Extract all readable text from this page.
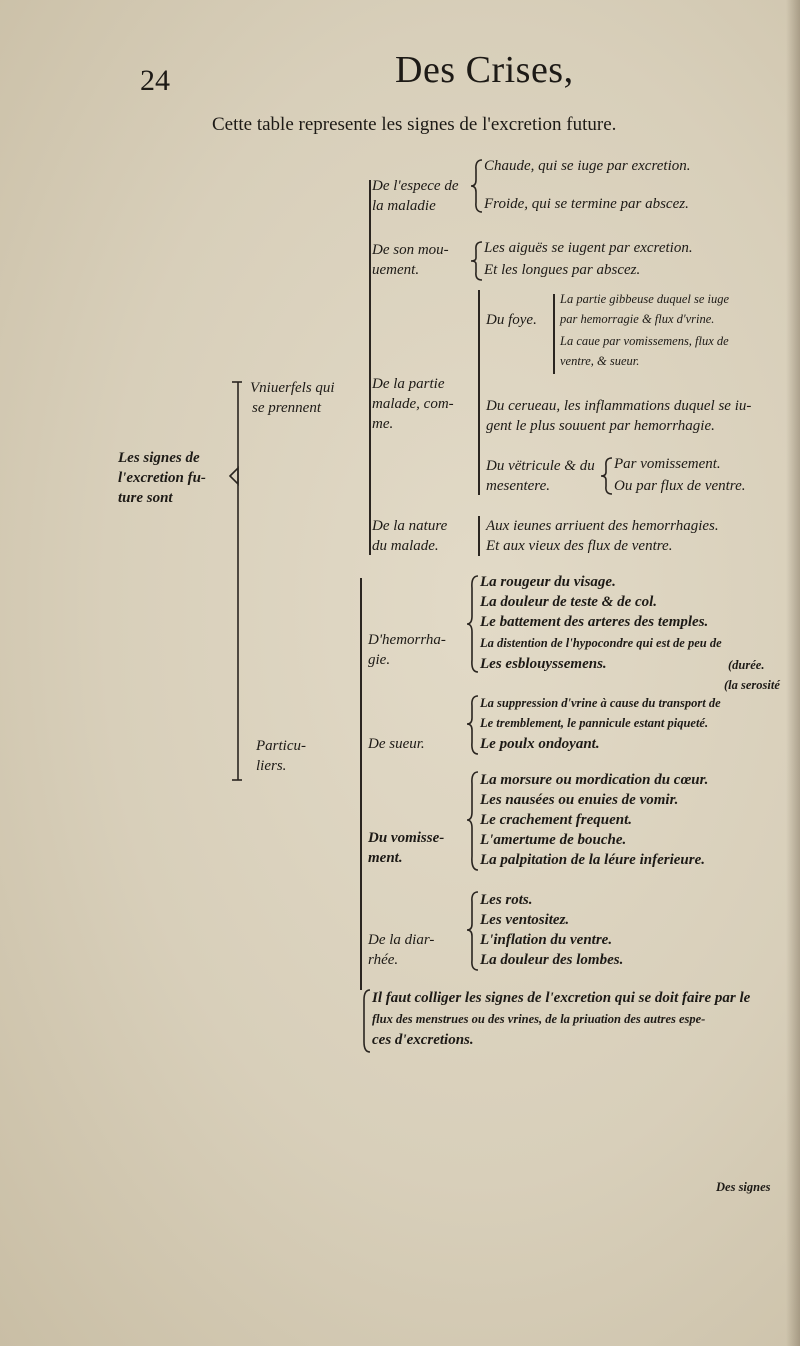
24	Des Crises,
Cette table represente les signes de l'excretion future.
Les signes de
l'excretion fu-
ture sont
Vniuerfels qui
se prennent
De l'espece de
la maladie
Chaude, qui se iuge par excretion.
Froide, qui se termine par abscez.
De son mou-
uement.
Les aiguës se iugent par excretion.
Et les longues par abscez.
De la partie
malade, com-
me.
Du foye.
La partie gibbeuse duquel se iuge
par hemorragie & flux d'vrine.
La caue par vomissemens, flux de
ventre, & sueur.
Du cerueau, les inflammations duquel se iu-
gent le plus souuent par hemorrhagie.
Du vëtricule & du
mesentere.
Par vomissement.
Ou par flux de ventre.
De la nature
du malade.
Aux ieunes arriuent des hemorrhagies.
Et aux vieux des flux de ventre.
Particu-
liers.
D'hemorrha-
gie.
La rougeur du visage.
La douleur de teste & de col.
Le battement des arteres des temples.
La distention de l'hypocondre qui est de peu de
Les esblouyssemens.	(durée.
(la serosité
De sueur.
La suppression d'vrine à cause du transport de
Le tremblement, le pannicule estant piqueté.
Le poulx ondoyant.
Du vomisse-
ment.
La morsure ou mordication du cœur.
Les nausées ou enuies de vomir.
Le crachement frequent.
L'amertume de bouche.
La palpitation de la léure inferieure.
De la diar-
rhée.
Les rots.
Les ventositez.
L'inflation du ventre.
La douleur des lombes.
Il faut colliger les signes de l'excretion qui se doit faire par le
flux des menstrues ou des vrines, de la priuation des autres espe-
ces d'excretions.
Des signes
